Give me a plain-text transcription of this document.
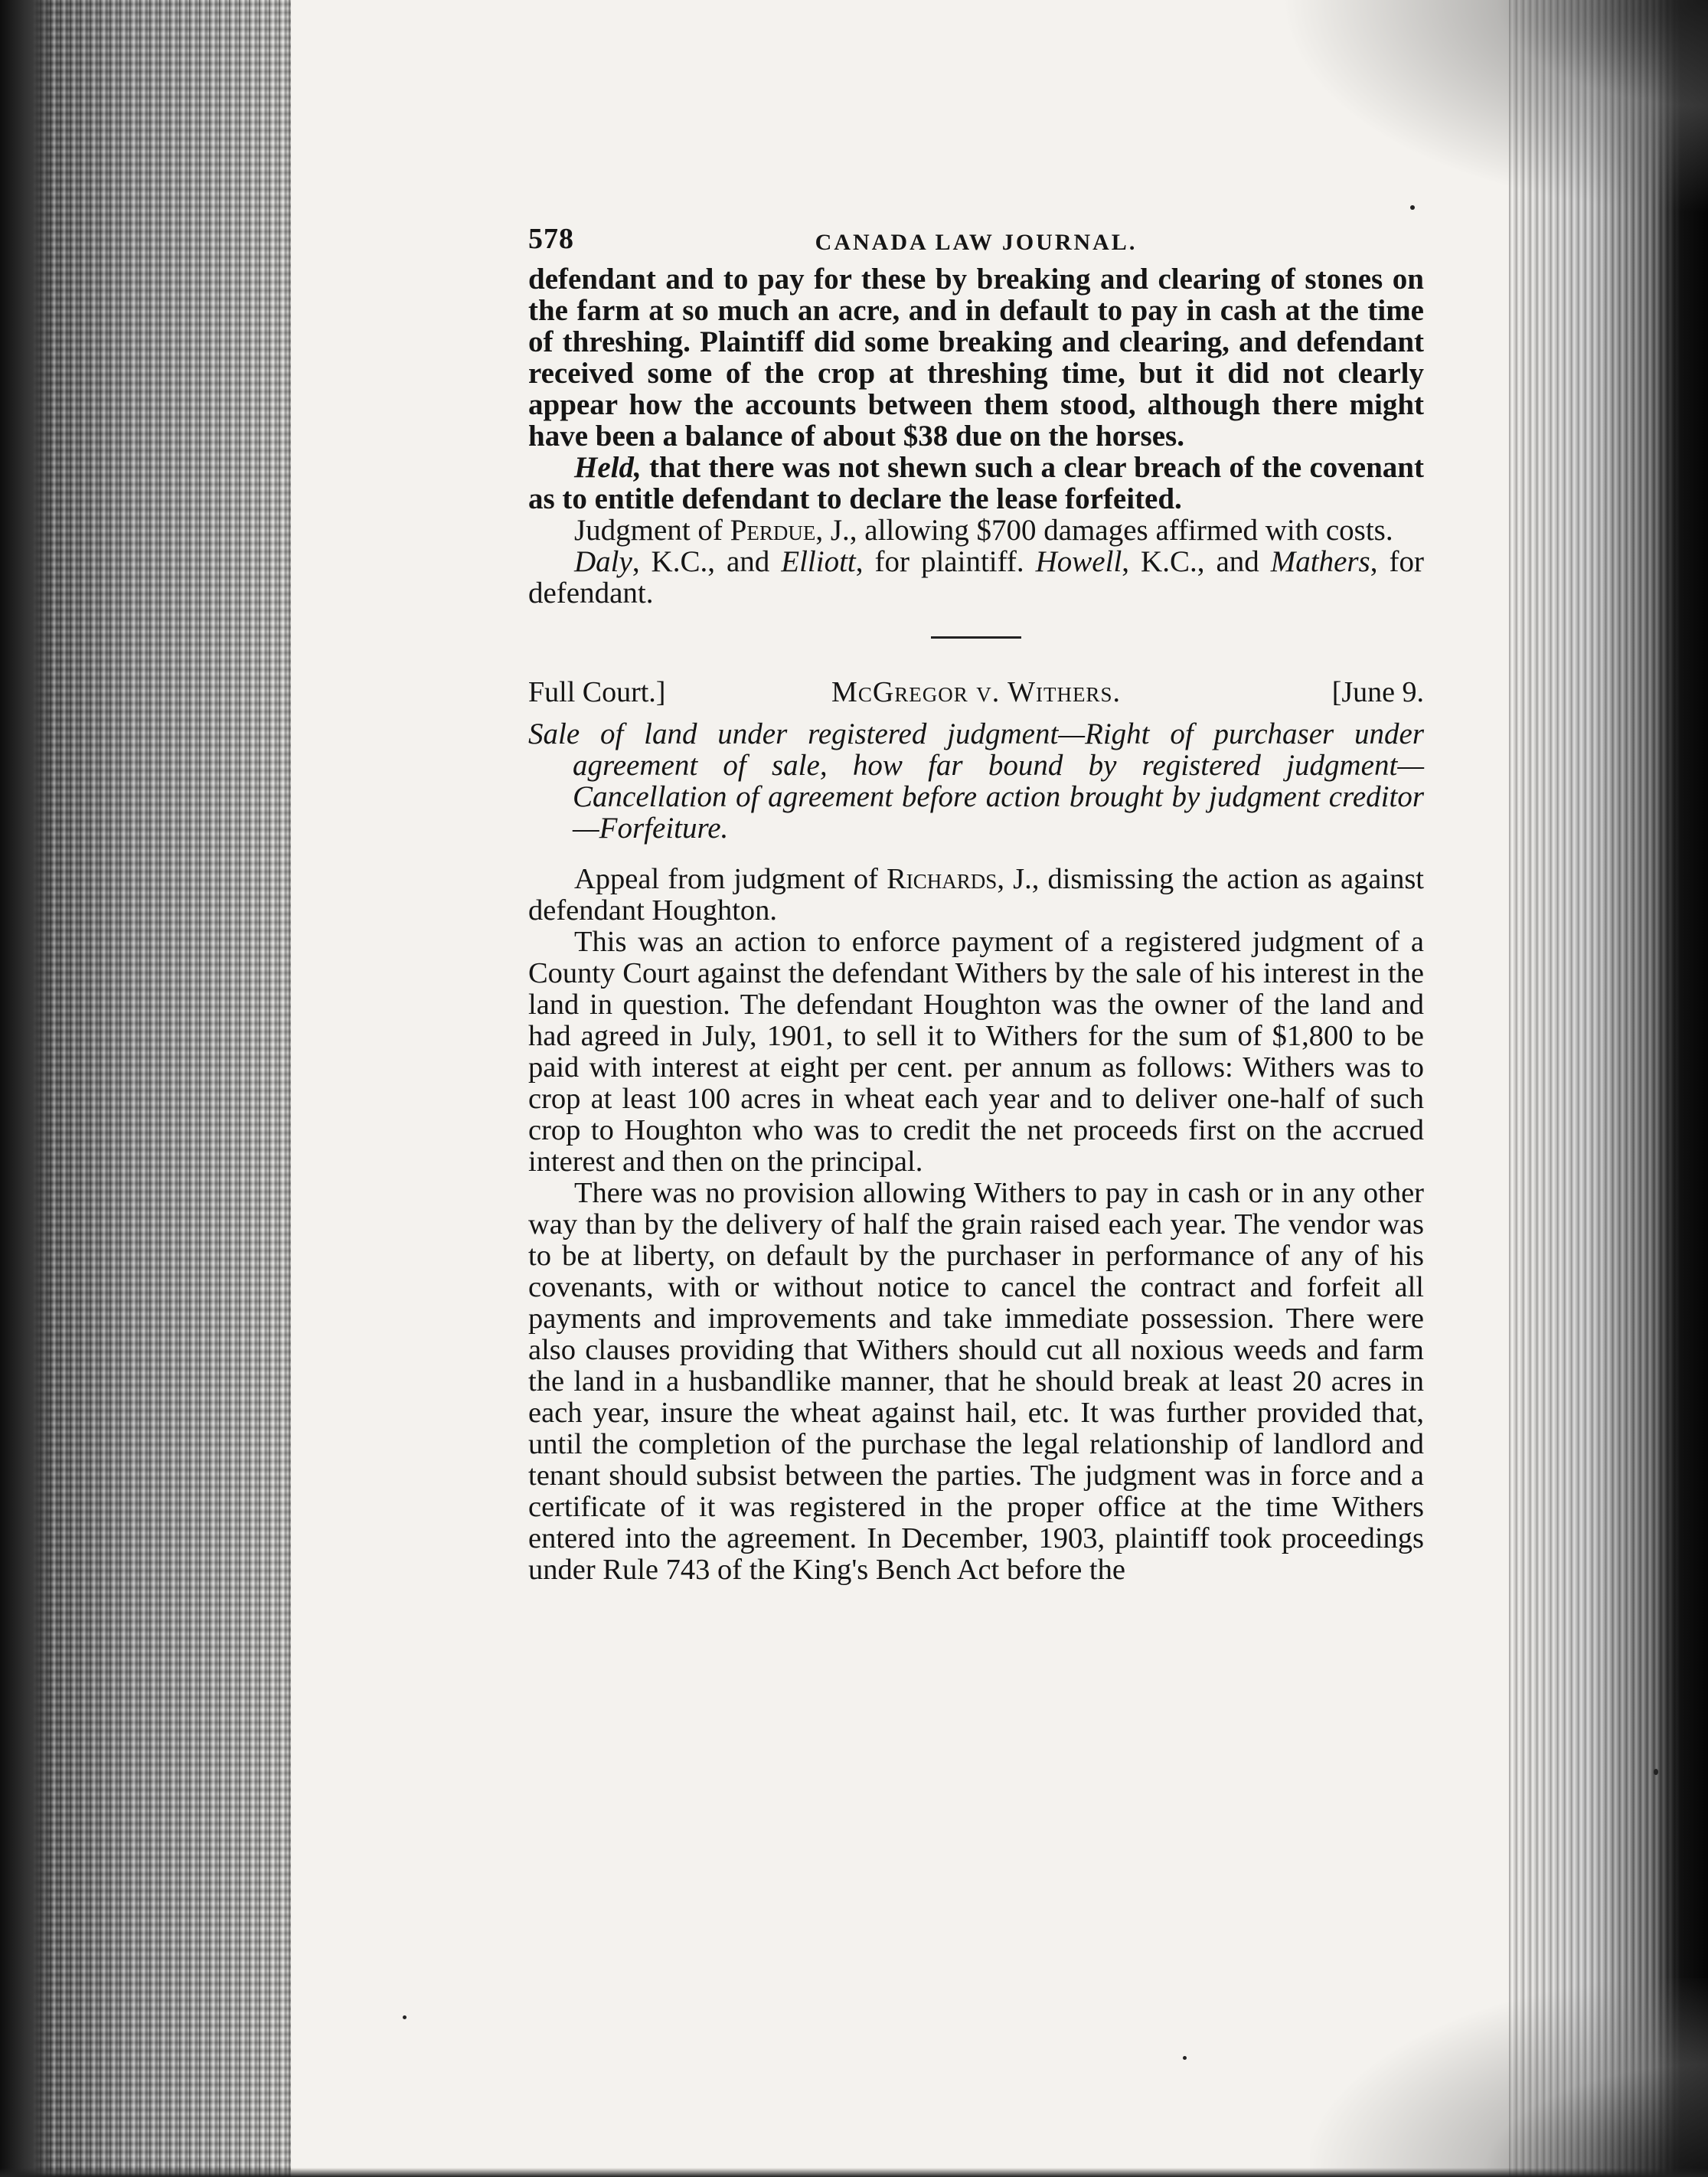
578	CANADA LAW JOURNAL.

defendant and to pay for these by breaking and clearing of stones on the farm at so much an acre, and in default to pay in cash at the time of threshing. Plaintiff did some breaking and clearing, and defendant received some of the crop at threshing time, but it did not clearly appear how the accounts between them stood, although there might have been a balance of about $38 due on the horses.

Held, that there was not shewn such a clear breach of the covenant as to entitle defendant to declare the lease forfeited.

Judgment of Perdue, J., allowing $700 damages affirmed with costs.

Daly, K.C., and Elliott, for plaintiff. Howell, K.C., and Mathers, for defendant.

Full Court.]	McGregor v. Withers.	[June 9.

Sale of land under registered judgment—Right of purchaser under agreement of sale, how far bound by registered judgment—Cancellation of agreement before action brought by judgment creditor—Forfeiture.

Appeal from judgment of Richards, J., dismissing the action as against defendant Houghton.

This was an action to enforce payment of a registered judgment of a County Court against the defendant Withers by the sale of his interest in the land in question. The defendant Houghton was the owner of the land and had agreed in July, 1901, to sell it to Withers for the sum of $1,800 to be paid with interest at eight per cent. per annum as follows: Withers was to crop at least 100 acres in wheat each year and to deliver one-half of such crop to Houghton who was to credit the net proceeds first on the accrued interest and then on the principal.

There was no provision allowing Withers to pay in cash or in any other way than by the delivery of half the grain raised each year. The vendor was to be at liberty, on default by the purchaser in performance of any of his covenants, with or without notice to cancel the contract and forfeit all payments and improvements and take immediate possession. There were also clauses providing that Withers should cut all noxious weeds and farm the land in a husbandlike manner, that he should break at least 20 acres in each year, insure the wheat against hail, etc. It was further provided that, until the completion of the purchase the legal relationship of landlord and tenant should subsist between the parties. The judgment was in force and a certificate of it was registered in the proper office at the time Withers entered into the agreement. In December, 1903, plaintiff took proceedings under Rule 743 of the King's Bench Act before the
